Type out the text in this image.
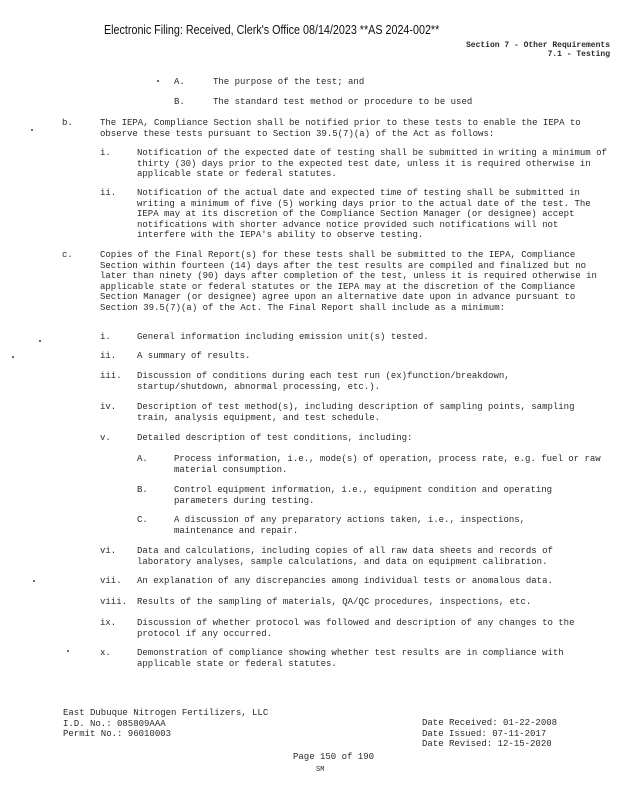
Electronic Filing: Received, Clerk's Office 08/14/2023 **AS 2024-002**
Section 7 - Other Requirements
7.1 - Testing
A.	The purpose of the test; and
B.	The standard test method or procedure to be used
b.	The IEPA, Compliance Section shall be notified prior to these tests to enable the IEPA to observe these tests pursuant to Section 39.5(7)(a) of the Act as follows:
i.	Notification of the expected date of testing shall be submitted in writing a minimum of thirty (30) days prior to the expected test date, unless it is required otherwise in applicable state or federal statutes.
ii. Notification of the actual date and expected time of testing shall be submitted in writing a minimum of five (5) working days prior to the actual date of the test. The IEPA may at its discretion of the Compliance Section Manager (or designee) accept notifications with shorter advance notice provided such notifications will not interfere with the IEPA's ability to observe testing.
c.	Copies of the Final Report(s) for these tests shall be submitted to the IEPA, Compliance Section within fourteen (14) days after the test results are compiled and finalized but no later than ninety (90) days after completion of the test, unless it is required otherwise in applicable state or federal statutes or the IEPA may at the discretion of the Compliance Section Manager (or designee) agree upon an alternative date upon in advance pursuant to Section 39.5(7)(a) of the Act. The Final Report shall include as a minimum:
i.	General information including emission unit(s) tested.
ii. A summary of results.
iii. Discussion of conditions during each test run (ex)function/breakdown, startup/shutdown, abnormal processing, etc.).
iv. Description of test method(s), including description of sampling points, sampling train, analysis equipment, and test schedule.
v.	Detailed description of test conditions, including:
A.	Process information, i.e., mode(s) of operation, process rate, e.g. fuel or raw material consumption.
B.	Control equipment information, i.e., equipment condition and operating parameters during testing.
C.	A discussion of any preparatory actions taken, i.e., inspections, maintenance and repair.
vi. Data and calculations, including copies of all raw data sheets and records of laboratory analyses, sample calculations, and data on equipment calibration.
vii. An explanation of any discrepancies among individual tests or anomalous data.
viii. Results of the sampling of materials, QA/QC procedures, inspections, etc.
ix. Discussion of whether protocol was followed and description of any changes to the protocol if any occurred.
x.	Demonstration of compliance showing whether test results are in compliance with applicable state or federal statutes.
East Dubuque Nitrogen Fertilizers, LLC
I.D. No.: 085809AAA
Permit No.: 96010003
Date Received: 01-22-2008
Date Issued: 07-11-2017
Date Revised: 12-15-2020
Page 150 of 190
SM
